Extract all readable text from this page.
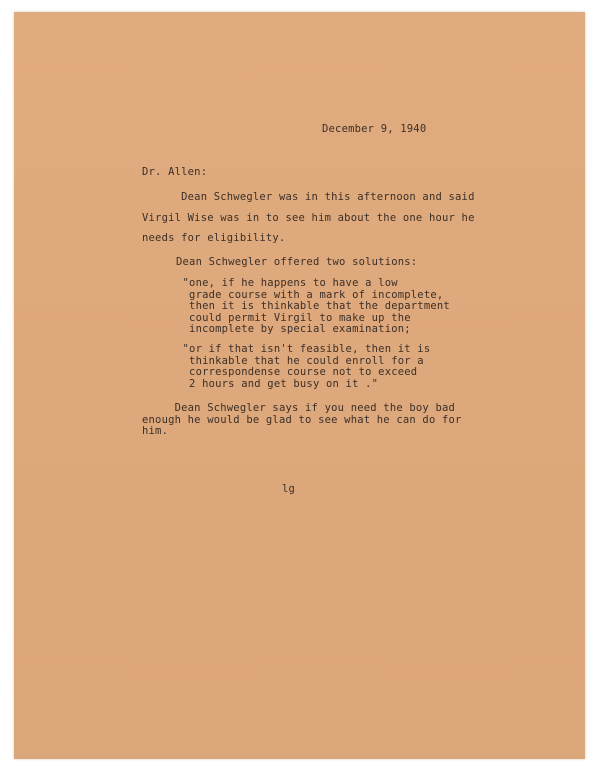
December 9, 1940

Dr. Allen:

Dean Schwegler was in this afternoon and said
Virgil Wise was in to see him about the one hour he
needs for eligibility.

Dean Schwegler offered two solutions:

"one, if he happens to have a low
grade course with a mark of incomplete,
then it is thinkable that the department
could permit Virgil to make up the
incomplete by special examination;

"or if that isn't feasible, then it is
thinkable that he could enroll for a
correspondense course not to exceed
2 hours and get busy on it ."

Dean Schwegler says if you need the boy bad
enough he would be glad to see what he can do for
him.

lg
